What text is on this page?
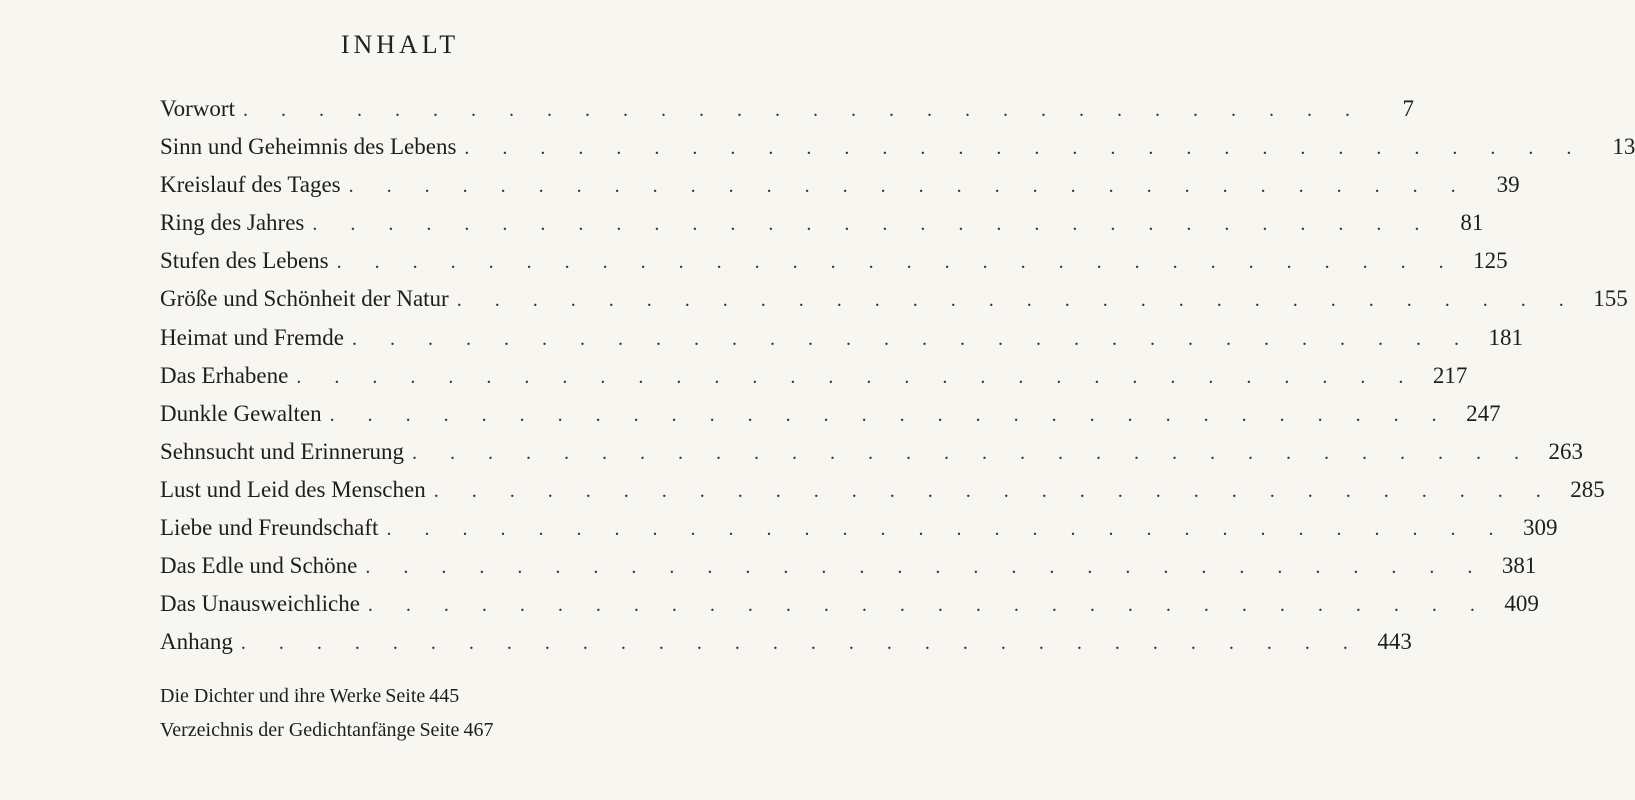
INHALT
Vorwort . . . . . . . . . . . . . . . . . . . . . . . . . . . . . .	7
Sinn und Geheimnis des Lebens . . . . . . . . . . . . . . . . . . . . . . . . . . . . . .	13
Kreislauf des Tages . . . . . . . . . . . . . . . . . . . . . . . . . . . . . .	39
Ring des Jahres . . . . . . . . . . . . . . . . . . . . . . . . . . . . . .	81
Stufen des Lebens . . . . . . . . . . . . . . . . . . . . . . . . . . . . . . 125
Größe und Schönheit der Natur . . . . . . . . . . . . . . . . . . . . . . . . . . . . . . 155
Heimat und Fremde . . . . . . . . . . . . . . . . . . . . . . . . . . . . . . 181
Das Erhabene . . . . . . . . . . . . . . . . . . . . . . . . . . . . . . 217
Dunkle Gewalten . . . . . . . . . . . . . . . . . . . . . . . . . . . . . . 247
Sehnsucht und Erinnerung . . . . . . . . . . . . . . . . . . . . . . . . . . . . . . 263
Lust und Leid des Menschen . . . . . . . . . . . . . . . . . . . . . . . . . . . . . . 285
Liebe und Freundschaft . . . . . . . . . . . . . . . . . . . . . . . . . . . . . . 309
Das Edle und Schöne . . . . . . . . . . . . . . . . . . . . . . . . . . . . . . 381
Das Unausweichliche . . . . . . . . . . . . . . . . . . . . . . . . . . . . . . 409
Anhang . . . . . . . . . . . . . . . . . . . . . . . . . . . . . . 443
Die Dichter und ihre Werke Seite 445
Verzeichnis der Gedichtanfänge Seite 467
